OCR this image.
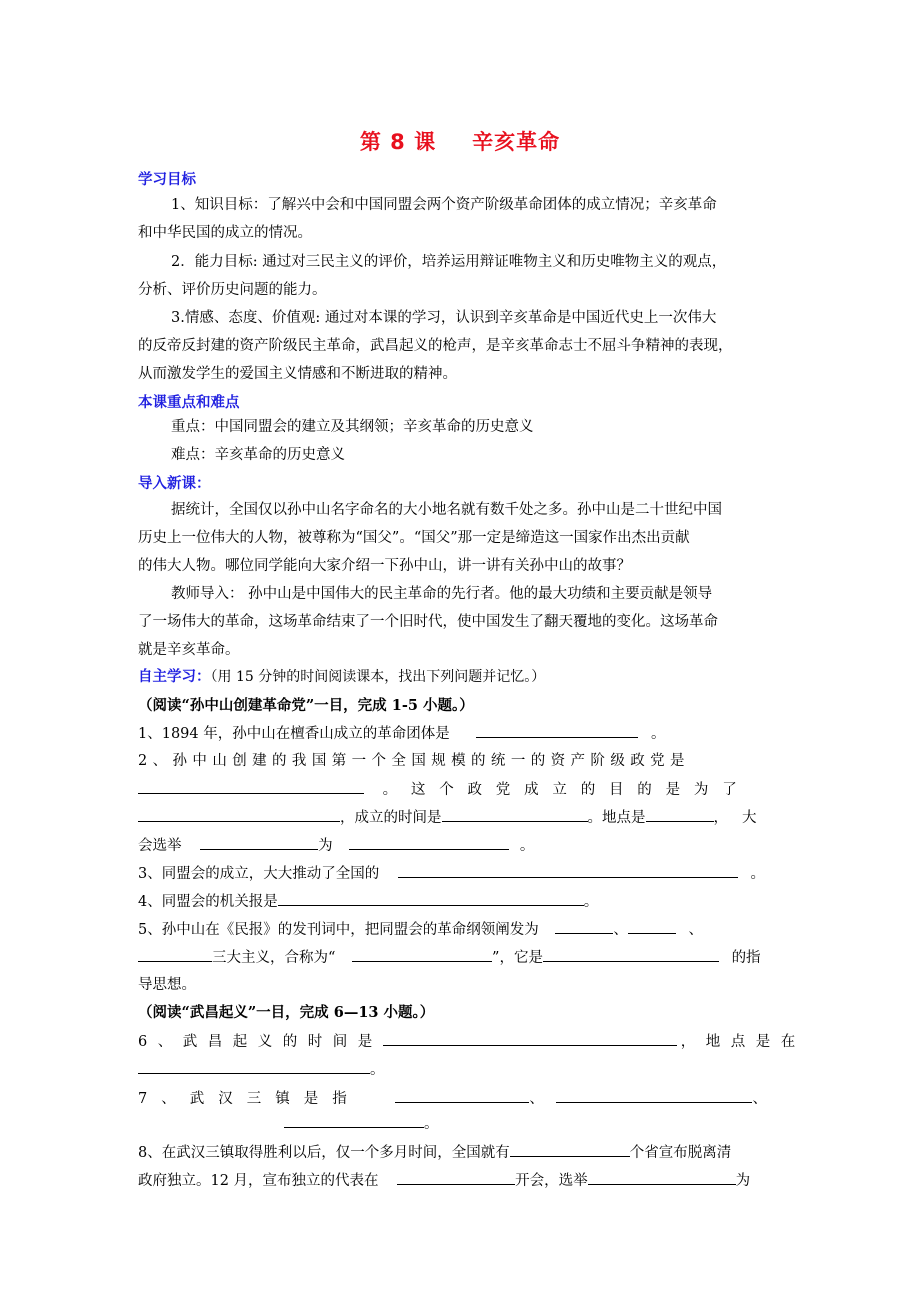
第 8 课 辛亥革命
学习目标
1、知识目标：了解兴中会和中国同盟会两个资产阶级革命团体的成立情况；辛亥革命
和中华民国的成立的情况。
2．能力目标: 通过对三民主义的评价，培养运用辩证唯物主义和历史唯物主义的观点，
分析、评价历史问题的能力。
3.情感、态度、价值观: 通过对本课的学习，认识到辛亥革命是中国近代史上一次伟大
的反帝反封建的资产阶级民主革命，武昌起义的枪声，是辛亥革命志士不屈斗争精神的表现，
从而激发学生的爱国主义情感和不断进取的精神。
本课重点和难点
重点：中国同盟会的建立及其纲领；辛亥革命的历史意义
难点：辛亥革命的历史意义
导入新课：
据统计，全国仅以孙中山名字命名的大小地名就有数千处之多。孙中山是二十世纪中国
历史上一位伟大的人物，被尊称为“国父”。“国父”那一定是缔造这一国家作出杰出贡献
的伟大人物。哪位同学能向大家介绍一下孙中山，讲一讲有关孙中山的故事？
教师导入： 孙中山是中国伟大的民主革命的先行者。他的最大功绩和主要贡献是领导
了一场伟大的革命，这场革命结束了一个旧时代，使中国发生了翻天覆地的变化。这场革命
就是辛亥革命。
自主学习：（用 15 分钟的时间阅读课本，找出下列问题并记忆。）
（阅读“孙中山创建革命党”一目，完成 1-5 小题。）
1、1894 年，孙中山在檀香山成立的革命团体是	。
2、孙中山创建的我国第一个全国规模的统一的资产阶级政党是
。这个政党成立的目的是为了
，成立的时间是	。地点是	， 大
会选举	为	。
3、同盟会的成立，大大推动了全国的	。
4、同盟会的机关报是	。
5、孙中山在《民报》的发刊词中，把同盟会的革命纲领阐发为	、	、
三大主义，合称为“	”，它是	的指
导思想。
（阅读“武昌起义”一目，完成 6—13 小题。）
6、武昌起义的时间是	，地点是在
。
7、武汉三镇是指	、	、
。
8、在武汉三镇取得胜利以后，仅一个多月时间，全国就有	个省宣布脱离清
政府独立。12 月，宣布独立的代表在	开会，选举	为
